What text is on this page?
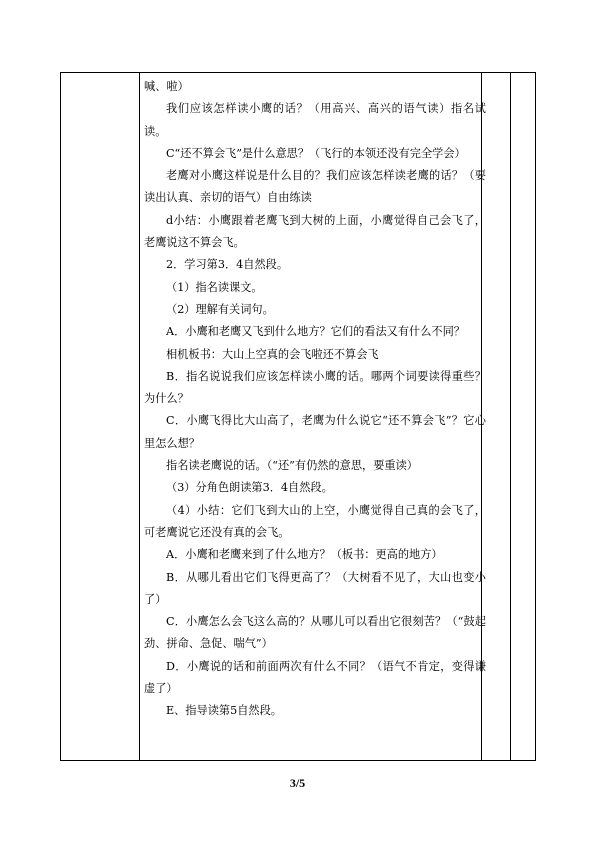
喊、啦）

我们应该怎样读小鹰的话？（用高兴、高兴的语气读）指名试读。

C“还不算会飞”是什么意思？（飞行的本领还没有完全学会）

老鹰对小鹰这样说是什么目的？我们应该怎样读老鹰的话？（要读出认真、亲切的语气）自由练读

d小结：小鹰跟着老鹰飞到大树的上面，小鹰觉得自己会飞了，老鹰说这不算会飞。

2．学习第3．4自然段。

（1）指名读课文。

（2）理解有关词句。

A．小鹰和老鹰又飞到什么地方？它们的看法又有什么不同？

相机板书：大山上空真的会飞啦还不算会飞

B．指名说说我们应该怎样读小鹰的话。哪两个词要读得重些？为什么？

C．小鹰飞得比大山高了，老鹰为什么说它“还不算会飞”？它心里怎么想？

指名读老鹰说的话。（“还”有仍然的意思，要重读）

（3）分角色朗读第3．4自然段。

（4）小结：它们飞到大山的上空，小鹰觉得自己真的会飞了，可老鹰说它还没有真的会飞。

A．小鹰和老鹰来到了什么地方？（板书：更高的地方）

B．从哪儿看出它们飞得更高了？（大树看不见了，大山也变小了）

C．小鹰怎么会飞这么高的？从哪儿可以看出它很刻苦？（“鼓起劲、拼命、急促、喘气”）

D．小鹰说的话和前面两次有什么不同？（语气不肯定，变得谦虚了）

E、指导读第5自然段。

3/5
